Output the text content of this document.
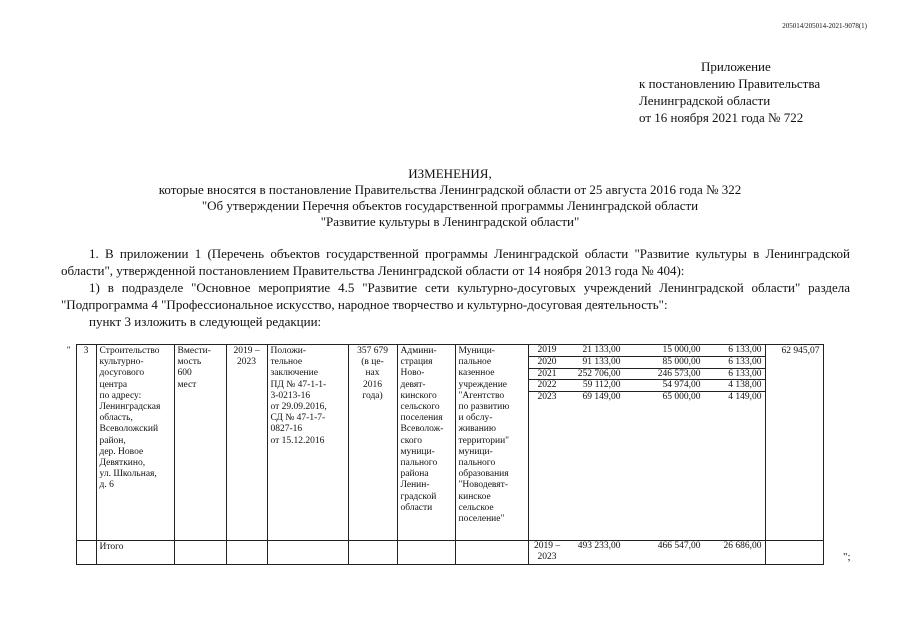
205014/205014-2021-9078(1)
Приложение
к постановлению Правительства
Ленинградской области
от 16 ноября 2021 года № 722
ИЗМЕНЕНИЯ,
которые вносятся в постановление Правительства Ленинградской области от 25 августа 2016 года № 322
"Об утверждении Перечня объектов государственной программы Ленинградской области
"Развитие культуры в Ленинградской области"

1. В приложении 1 (Перечень объектов государственной программы Ленинградской области "Развитие культуры в Ленинградской области", утвержденной постановлением Правительства Ленинградской области от 14 ноября 2013 года № 404):

1) в подразделе "Основное мероприятие 4.5 "Развитие сети культурно-досуговых учреждений Ленинградской области" раздела "Подпрограмма 4 "Профессиональное искусство, народное творчество и культурно-досуговая деятельность":

пункт 3 изложить в следующей редакции:

"	3	Строительство
культурно-
досугового
центра
по адресу:
Ленинградская
область,
Всеволожский
район,
дер. Новое
Девяткино,
ул. Школьная,
д. 6	Вмести-
мость
600
мест	2019 –
2023	Положи-
тельное
заключение
ПД № 47-1-1-
3-0213-16
от 29.09.2016,
СД № 47-1-7-
0827-16
от 15.12.2016	357 679
(в це-
нах
2016
года)	Админи-
страция
Ново-
девят-
кинского
сельского
поселения
Всеволож-
ского
муници-
пального
района
Ленин-
градской
области	Муници-
пальное
казенное
учреждение
"Агентство
по развитию
и обслу-
живанию
территории"
муници-
пального
образования
"Новодевят-
кинское
сельское
поселение"	
2019	21 133,00		15 000,00	6 133,00
2020	91 133,00		85 000,00	6 133,00
2021	252 706,00		246 573,00	6 133,00
2022	59 112,00		54 974,00	4 138,00
2023	69 149,00		65 000,00	4 149,00
	62 945,07
		Итого								2019 –
2023	493 233,00		466 547,00	26 686,00

";
